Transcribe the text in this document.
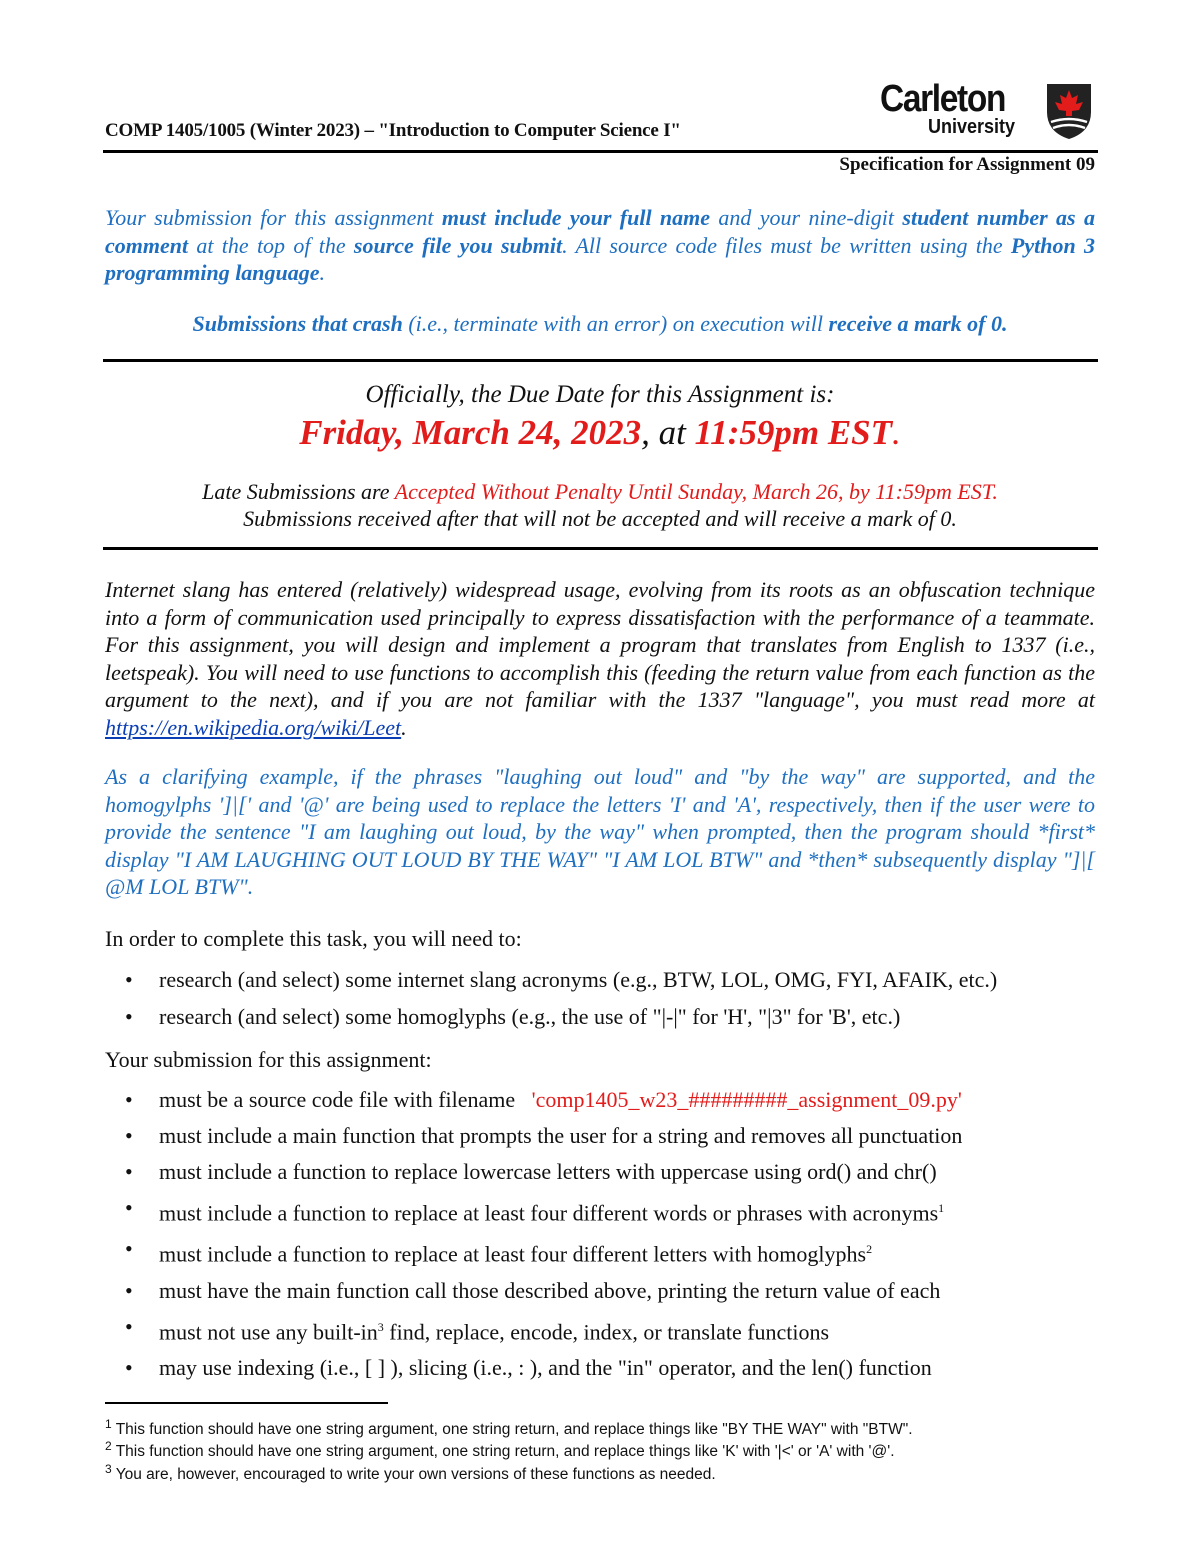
COMP 1405/1005 (Winter 2023) – "Introduction to Computer Science I"
Carleton
University
Specification for Assignment 09
Your submission for this assignment must include your full name and your nine-digit student number as a comment at the top of the source file you submit. All source code files must be written using the Python 3 programming language.
Submissions that crash (i.e., terminate with an error) on execution will receive a mark of 0.
Officially, the Due Date for this Assignment is:
Friday, March 24, 2023, at 11:59pm EST.
Late Submissions are Accepted Without Penalty Until Sunday, March 26, by 11:59pm EST.
Submissions received after that will not be accepted and will receive a mark of 0.
Internet slang has entered (relatively) widespread usage, evolving from its roots as an obfuscation technique into a form of communication used principally to express dissatisfaction with the performance of a teammate. For this assignment, you will design and implement a program that translates from English to 1337 (i.e., leetspeak). You will need to use functions to accomplish this (feeding the return value from each function as the argument to the next), and if you are not familiar with the 1337 "language", you must read more at https://en.wikipedia.org/wiki/Leet.
As a clarifying example, if the phrases "laughing out loud" and "by the way" are supported, and the homogylphs ']|[' and '@' are being used to replace the letters 'I' and 'A', respectively, then if the user were to provide the sentence "I am laughing out loud, by the way" when prompted, then the program should *first* display "I AM LAUGHING OUT LOUD BY THE WAY" "I AM LOL BTW" and *then* subsequently display "]|[ @M LOL BTW".
In order to complete this task, you will need to:
• research (and select) some internet slang acronyms (e.g., BTW, LOL, OMG, FYI, AFAIK, etc.)
• research (and select) some homoglyphs (e.g., the use of "|-|" for 'H', "|3" for 'B', etc.)
Your submission for this assignment:
• must be a source code file with filename 'comp1405_w23_#########_assignment_09.py'
• must include a main function that prompts the user for a string and removes all punctuation
• must include a function to replace lowercase letters with uppercase using ord() and chr()
• must include a function to replace at least four different words or phrases with acronyms$^1$
• must include a function to replace at least four different letters with homoglyphs$^2$
• must have the main function call those described above, printing the return value of each
• must not use any built-$in^3$ find, replace, encode, index, or translate functions
• may use indexing (i.e., [ ] ), slicing (i.e., : ), and the "in" operator, and the len() function
$^1$ This function should have one string argument, one string return, and replace things like "BY THE WAY" with "BTW".
$^2$ This function should have one string argument, one string return, and replace things like 'K' with '|<' or 'A' with '@'.
$^3$ You are, however, encouraged to write your own versions of these functions as needed.
